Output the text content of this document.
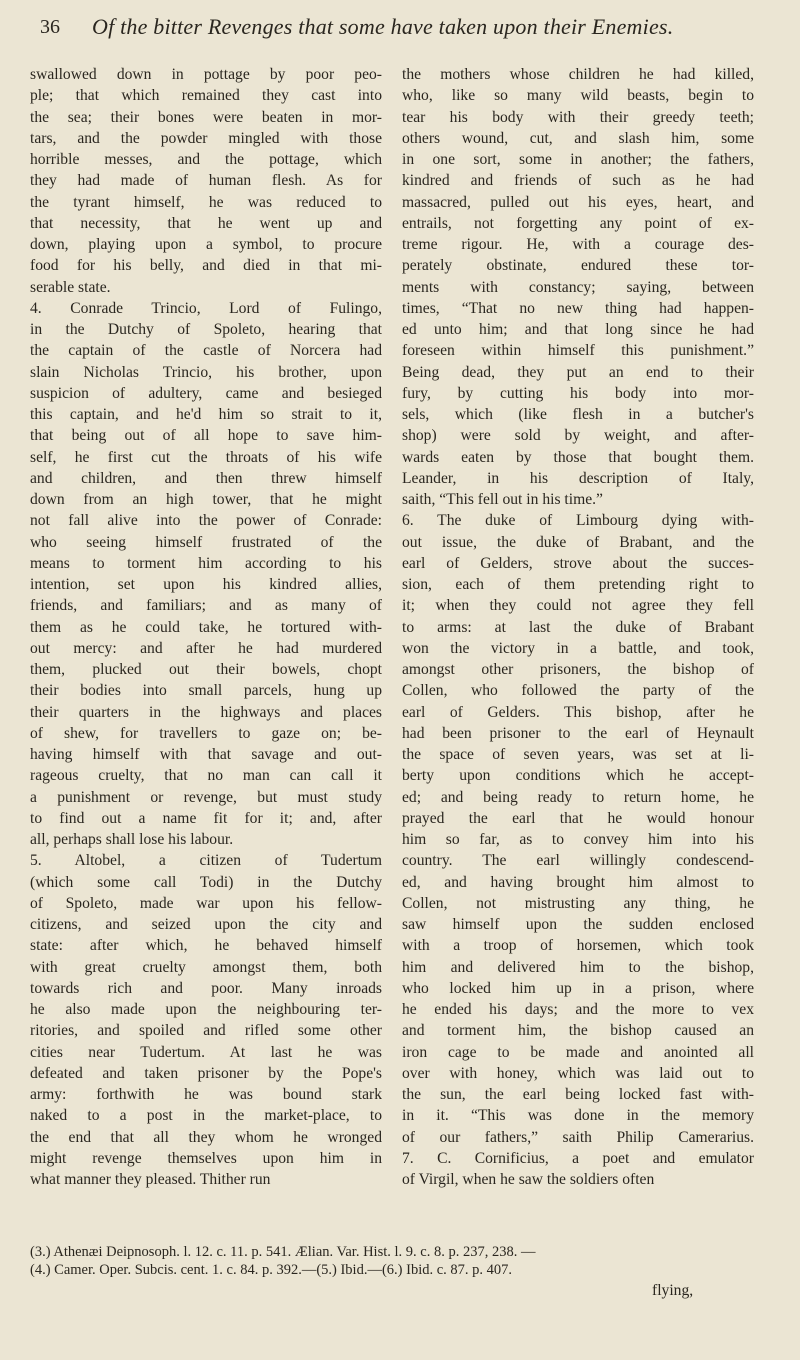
36 Of the bitter Revenges that some have taken upon their Enemies.
swallowed down in pottage by poor peo-
ple; that which remained they cast into
the sea; their bones were beaten in mor-
tars, and the powder mingled with those
horrible messes, and the pottage, which
they had made of human flesh. As for
the tyrant himself, he was reduced to
that necessity, that he went up and
down, playing upon a symbol, to procure
food for his belly, and died in that mi-
serable state.
4. Conrade Trincio, Lord of Fulingo,
in the Dutchy of Spoleto, hearing that
the captain of the castle of Norcera had
slain Nicholas Trincio, his brother, upon
suspicion of adultery, came and besieged
this captain, and he'd him so strait to it,
that being out of all hope to save him-
self, he first cut the throats of his wife
and children, and then threw himself
down from an high tower, that he might
not fall alive into the power of Conrade:
who seeing himself frustrated of the
means to torment him according to his
intention, set upon his kindred allies,
friends, and familiars; and as many of
them as he could take, he tortured with-
out mercy: and after he had murdered
them, plucked out their bowels, chopt
their bodies into small parcels, hung up
their quarters in the highways and places
of shew, for travellers to gaze on; be-
having himself with that savage and out-
rageous cruelty, that no man can call it
a punishment or revenge, but must study
to find out a name fit for it; and, after
all, perhaps shall lose his labour.
5. Altobel, a citizen of Tudertum
(which some call Todi) in the Dutchy
of Spoleto, made war upon his fellow-
citizens, and seized upon the city and
state: after which, he behaved himself
with great cruelty amongst them, both
towards rich and poor. Many inroads
he also made upon the neighbouring ter-
ritories, and spoiled and rifled some other
cities near Tudertum. At last he was
defeated and taken prisoner by the Pope's
army: forthwith he was bound stark
naked to a post in the market-place, to
the end that all they whom he wronged
might revenge themselves upon him in
what manner they pleased. Thither run
the mothers whose children he had killed,
who, like so many wild beasts, begin to
tear his body with their greedy teeth;
others wound, cut, and slash him, some
in one sort, some in another; the fathers,
kindred and friends of such as he had
massacred, pulled out his eyes, heart, and
entrails, not forgetting any point of ex-
treme rigour. He, with a courage des-
perately obstinate, endured these tor-
ments with constancy; saying, between
times, “That no new thing had happen-
ed unto him; and that long since he had
foreseen within himself this punishment.”
Being dead, they put an end to their
fury, by cutting his body into mor-
sels, which (like flesh in a butcher's
shop) were sold by weight, and after-
wards eaten by those that bought them.
Leander, in his description of Italy,
saith, “This fell out in his time.”
6. The duke of Limbourg dying with-
out issue, the duke of Brabant, and the
earl of Gelders, strove about the succes-
sion, each of them pretending right to
it; when they could not agree they fell
to arms: at last the duke of Brabant
won the victory in a battle, and took,
amongst other prisoners, the bishop of
Collen, who followed the party of the
earl of Gelders. This bishop, after he
had been prisoner to the earl of Heynault
the space of seven years, was set at li-
berty upon conditions which he accept-
ed; and being ready to return home, he
prayed the earl that he would honour
him so far, as to convey him into his
country. The earl willingly condescend-
ed, and having brought him almost to
Collen, not mistrusting any thing, he
saw himself upon the sudden enclosed
with a troop of horsemen, which took
him and delivered him to the bishop,
who locked him up in a prison, where
he ended his days; and the more to vex
and torment him, the bishop caused an
iron cage to be made and anointed all
over with honey, which was laid out to
the sun, the earl being locked fast with-
in it. “This was done in the memory
of our fathers,” saith Philip Camerarius.
7. C. Cornificius, a poet and emulator
of Virgil, when he saw the soldiers often
(3.) Athenæi Deipnosoph. l. 12. c. 11. p. 541. Ælian. Var. Hist. l. 9. c. 8. p. 237, 238. —
(4.) Camer. Oper. Subcis. cent. 1. c. 84. p. 392.—(5.) Ibid.—(6.) Ibid. c. 87. p. 407.
flying,
